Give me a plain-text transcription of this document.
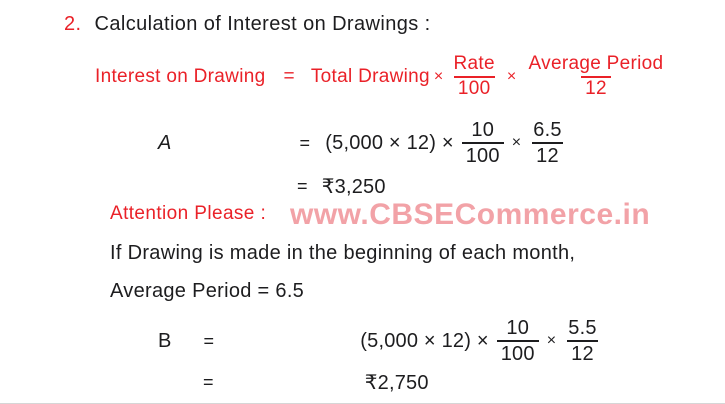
2. Calculation of Interest on Drawings :
Interest on Drawing = Total Drawing × $\frac{\text{Rate}}{100} \times \frac{\text{Average Period}}{12}$
A	= $(5,000 \times 12) \times \frac{10}{100} \times \frac{6.5}{12}$
= ₹3,250
Attention Please : www.CBSECommerce.in
If Drawing is made in the beginning of each month,
Average Period = 6.5
B =	$(5,000 \times 12) \times \frac{10}{100} \times \frac{5.5}{12}$
=	₹2,750
